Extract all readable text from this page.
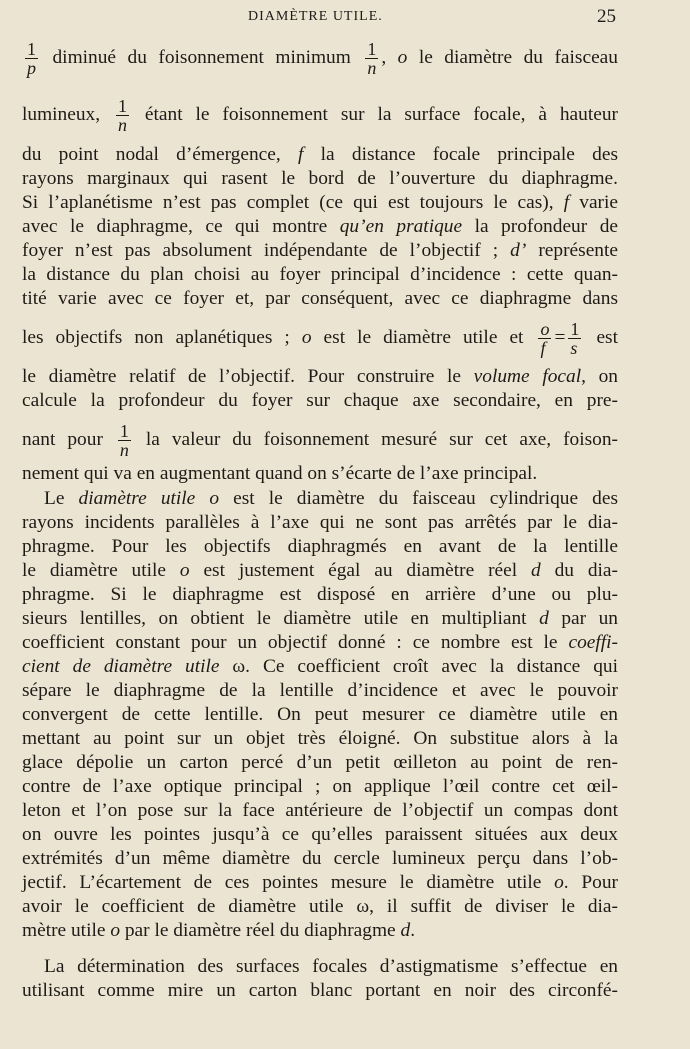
DIAMÈTRE UTILE.	25
$\frac{1}{p}$ diminué du foisonnement minimum $\frac{1}{n}$ , o le diamètre du faisceau
lumineux, $\frac{1}{n}$ étant le foisonnement sur la surface focale, à hauteur
du point nodal d’émergence, f la distance focale principale des
rayons marginaux qui rasent le bord de l’ouverture du diaphragme.
Si l’aplanétisme n’est pas complet (ce qui est toujours le cas), f varie
avec le diaphragme, ce qui montre qu’en pratique la profondeur de
foyer n’est pas absolument indépendante de l’objectif ; d’ représente
la distance du plan choisi au foyer principal d’incidence : cette quan-
tité varie avec ce foyer et, par conséquent, avec ce diaphragme dans
les objectifs non aplanétiques ; o est le diamètre utile et $\frac{o}{f} = \frac{1}{s}$ est
le diamètre relatif de l’objectif. Pour construire le volume focal, on
calcule la profondeur du foyer sur chaque axe secondaire, en pre-
nant pour $\frac{1}{n}$ la valeur du foisonnement mesuré sur cet axe, foison-
nement qui va en augmentant quand on s’écarte de l’axe principal.
Le diamètre utile o est le diamètre du faisceau cylindrique des
rayons incidents parallèles à l’axe qui ne sont pas arrêtés par le dia-
phragme. Pour les objectifs diaphragmés en avant de la lentille
le diamètre utile o est justement égal au diamètre réel d du dia-
phragme. Si le diaphragme est disposé en arrière d’une ou plu-
sieurs lentilles, on obtient le diamètre utile en multipliant d par un
coefficient constant pour un objectif donné : ce nombre est le coeffi-
cient de diamètre utile ω. Ce coefficient croît avec la distance qui
sépare le diaphragme de la lentille d’incidence et avec le pouvoir
convergent de cette lentille. On peut mesurer ce diamètre utile en
mettant au point sur un objet très éloigné. On substitue alors à la
glace dépolie un carton percé d’un petit œilleton au point de ren-
contre de l’axe optique principal ; on applique l’œil contre cet œil-
leton et l’on pose sur la face antérieure de l’objectif un compas dont
on ouvre les pointes jusqu’à ce qu’elles paraissent situées aux deux
extrémités d’un même diamètre du cercle lumineux perçu dans l’ob-
jectif. L’écartement de ces pointes mesure le diamètre utile o. Pour
avoir le coefficient de diamètre utile ω, il suffit de diviser le dia-
mètre utile o par le diamètre réel du diaphragme d.
La détermination des surfaces focales d’astigmatisme s’effectue en
utilisant comme mire un carton blanc portant en noir des circonfé-
